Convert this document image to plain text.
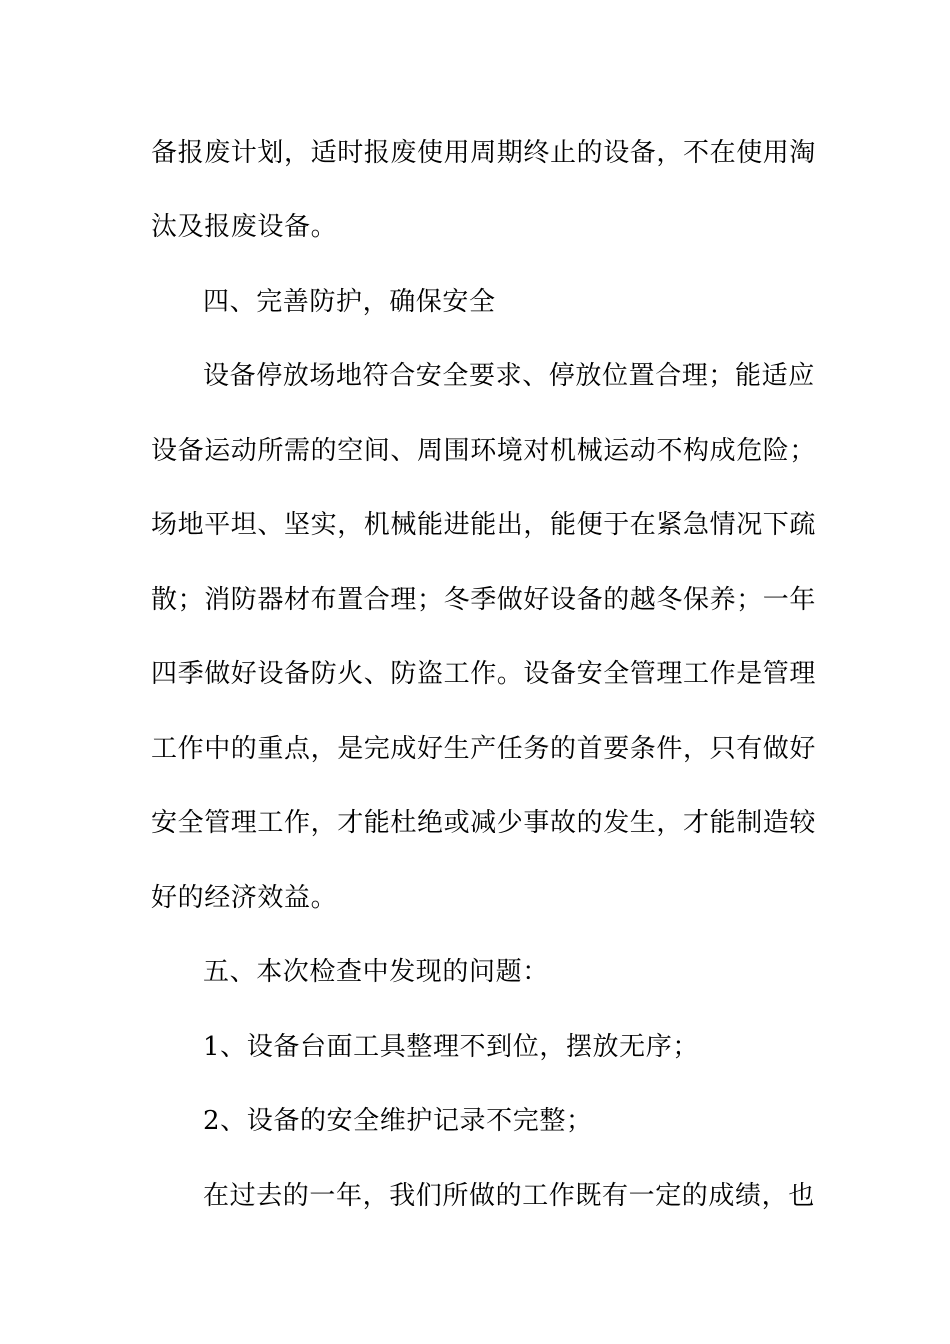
备报废计划，适时报废使用周期终止的设备，不在使用淘
汰及报废设备。
四、完善防护，确保安全
设备停放场地符合安全要求、停放位置合理；能适应
设备运动所需的空间、周围环境对机械运动不构成危险；
场地平坦、坚实，机械能进能出，能便于在紧急情况下疏
散；消防器材布置合理；冬季做好设备的越冬保养；一年
四季做好设备防火、防盗工作。设备安全管理工作是管理
工作中的重点，是完成好生产任务的首要条件，只有做好
安全管理工作，才能杜绝或减少事故的发生，才能制造较
好的经济效益。
五、本次检查中发现的问题：
1、设备台面工具整理不到位，摆放无序；
2、设备的安全维护记录不完整；
在过去的一年，我们所做的工作既有一定的成绩，也
